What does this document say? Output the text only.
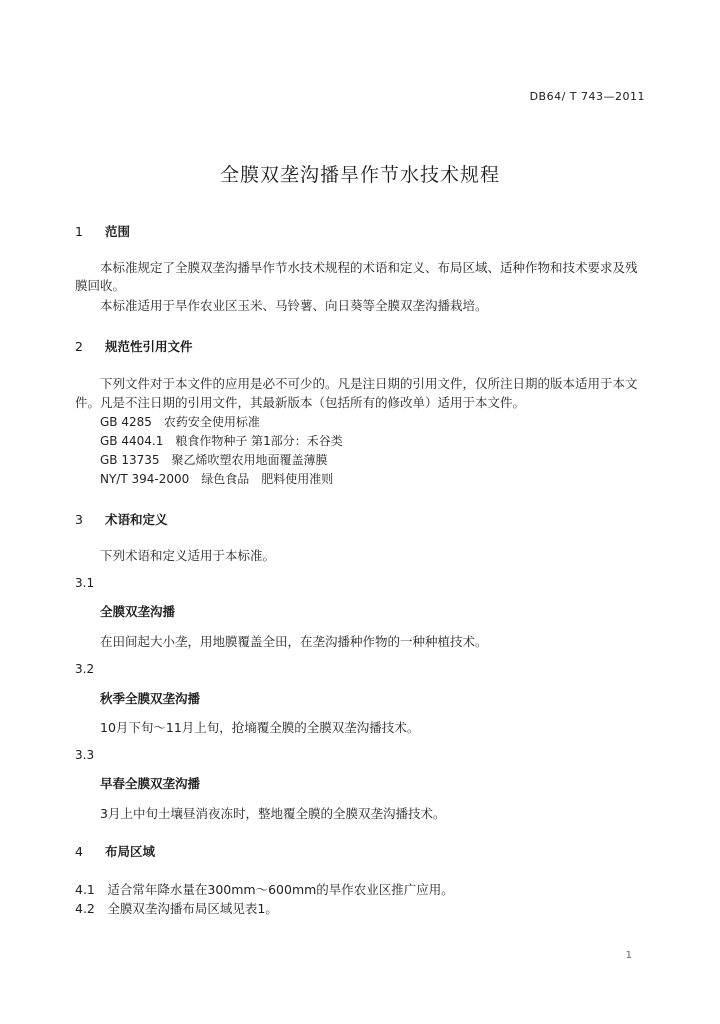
DB64/ T 743—2011
全膜双垄沟播旱作节水技术规程
1 范围
本标准规定了全膜双垄沟播旱作节水技术规程的术语和定义、布局区域、适种作物和技术要求及残
膜回收。
本标准适用于旱作农业区玉米、马铃薯、向日葵等全膜双垄沟播栽培。
2 规范性引用文件
下列文件对于本文件的应用是必不可少的。凡是注日期的引用文件，仅所注日期的版本适用于本文
件。凡是不注日期的引用文件，其最新版本（包括所有的修改单）适用于本文件。
GB 4285　农药安全使用标准
GB 4404.1　粮食作物种子 第1部分：禾谷类
GB 13735　聚乙烯吹塑农用地面覆盖薄膜
NY/T 394-2000　绿色食品　肥料使用准则
3 术语和定义
下列术语和定义适用于本标准。
3.1
全膜双垄沟播
在田间起大小垄，用地膜覆盖全田，在垄沟播种作物的一种种植技术。
3.2
秋季全膜双垄沟播
10月下旬～11月上旬，抢墒覆全膜的全膜双垄沟播技术。
3.3
早春全膜双垄沟播
3月上中旬土壤昼消夜冻时，整地覆全膜的全膜双垄沟播技术。
4 布局区域
4.1　适合常年降水量在300mm～600mm的旱作农业区推广应用。
4.2　全膜双垄沟播布局区域见表1。
1
